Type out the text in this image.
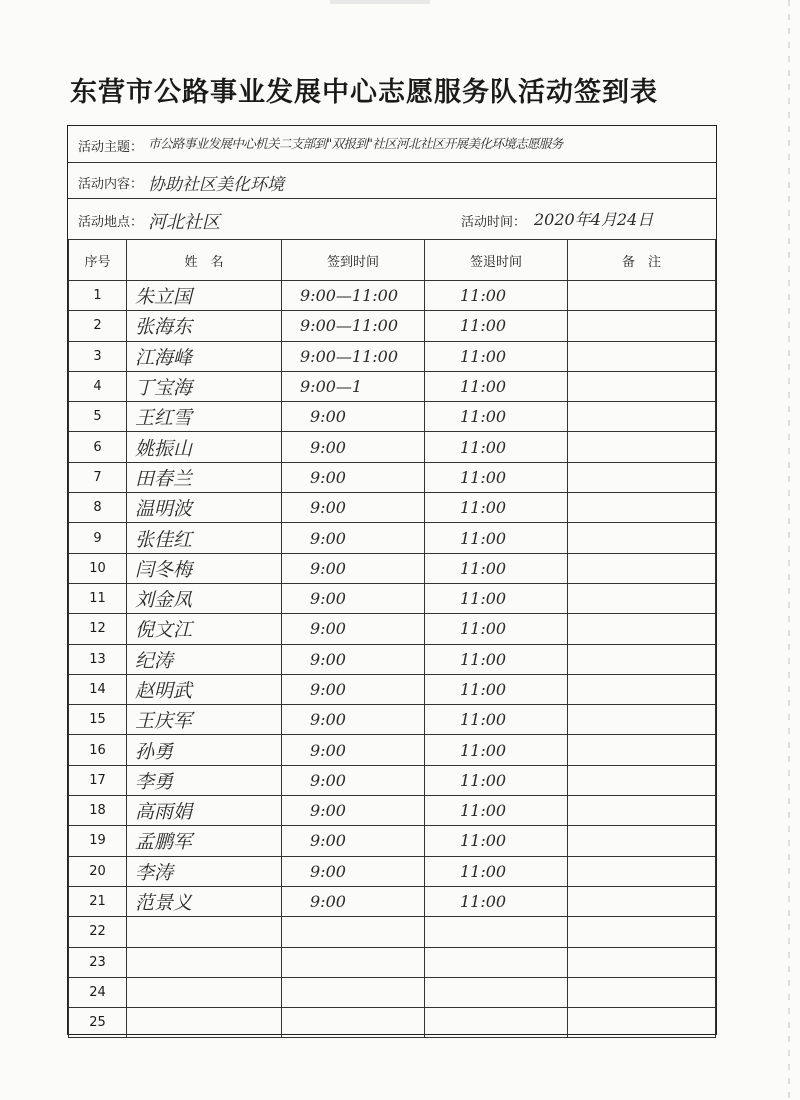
东营市公路事业发展中心志愿服务队活动签到表
活动主题： 市公路事业发展中心机关二支部到"双报到"社区河北社区开展美化环境志愿服务
活动内容： 协助社区美化环境
活动地点： 河北社区	活动时间： 2020年4月24日
序号	姓　名	签到时间	签退时间	备　注
1	朱立国	9:00—11:00	11:00	
2	张海东	9:00—11:00	11:00	
3	江海峰	9:00—11:00	11:00	
4	丁宝海	9:00—1	11:00	
5	王红雪	9:00	11:00	
6	姚振山	9:00	11:00	
7	田春兰	9:00	11:00	
8	温明波	9:00	11:00	
9	张佳红	9:00	11:00	
10	闫冬梅	9:00	11:00	
11	刘金凤	9:00	11:00	
12	倪文江	9:00	11:00	
13	纪涛	9:00	11:00	
14	赵明武	9:00	11:00	
15	王庆军	9:00	11:00	
16	孙勇	9:00	11:00	
17	李勇	9:00	11:00	
18	高雨娟	9:00	11:00	
19	孟鹏军	9:00	11:00	
20	李涛	9:00	11:00	
21	范景义	9:00	11:00	
22				
23				
24				
25				
